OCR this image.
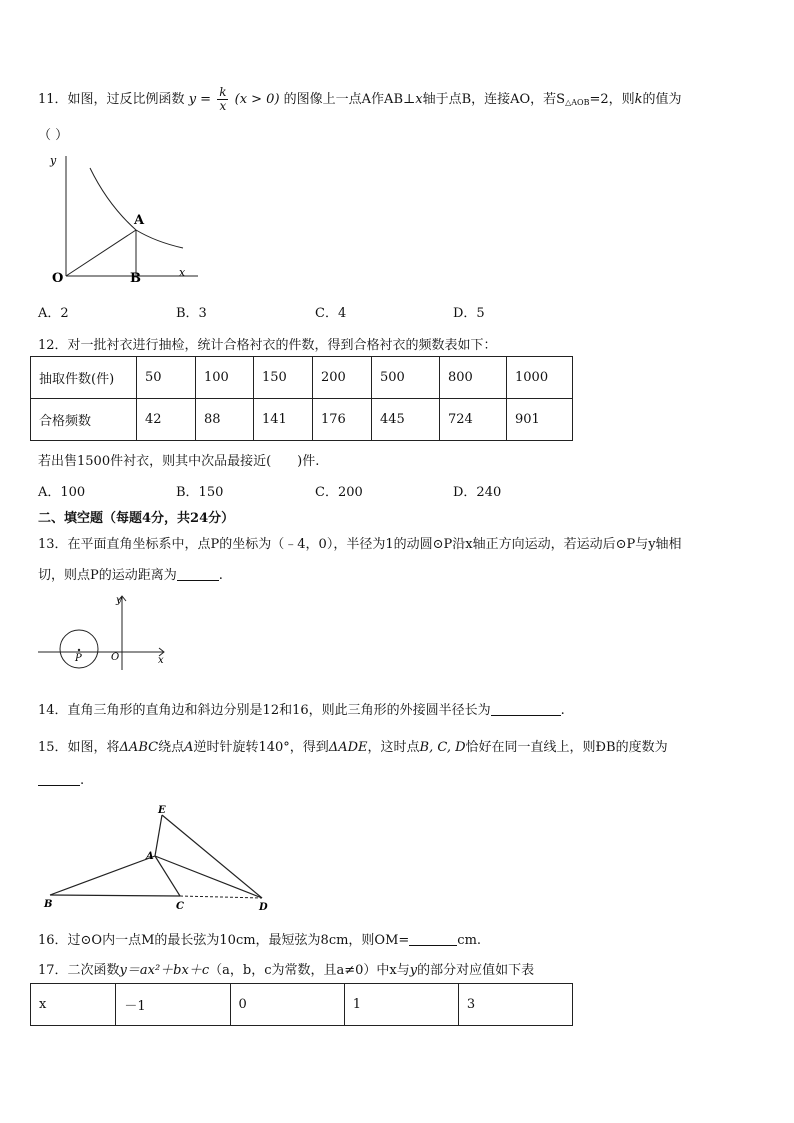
11．如图，过反比例函数 $y = \frac{k}{x} (x > 0)$ 的图像上一点A作AB⊥x轴于点B，连接AO，若$S_{\triangle AOB}=2$，则k的值为
（ ）
y
x
A
B
O
A．2	B．3	C．4	D．5
12．对一批衬衣进行抽检，统计合格衬衣的件数，得到合格衬衣的频数表如下：
抽取件数(件)	50	100	150	200	500	800	1000
合格频数	42	88	141	176	445	724	901
若出售1500件衬衣，则其中次品最接近(　　)件.
A．100	B．150	C．200	D．240
二、填空题（每题4分，共24分）
13．在平面直角坐标系中，点P的坐标为（﹣4，0），半径为1的动圆⊙P沿x轴正方向运动，若运动后⊙P与y轴相
切，则点P的运动距离为	.
y
x
O
P
14．直角三角形的直角边和斜边分别是12和16，则此三角形的外接圆半径长为	.
15．如图，将ΔABC绕点A逆时针旋转140°，得到ΔADE，这时点B, C, D恰好在同一直线上，则ÐB的度数为
.
E
A
B	C	D
16．过⊙O内一点M的最长弦为10cm，最短弦为8cm，则OM=	cm.
17．二次函数y＝ax²＋bx＋c（a，b，c为常数，且a≠0）中x与y的部分对应值如下表
x	－1	0	1	3
